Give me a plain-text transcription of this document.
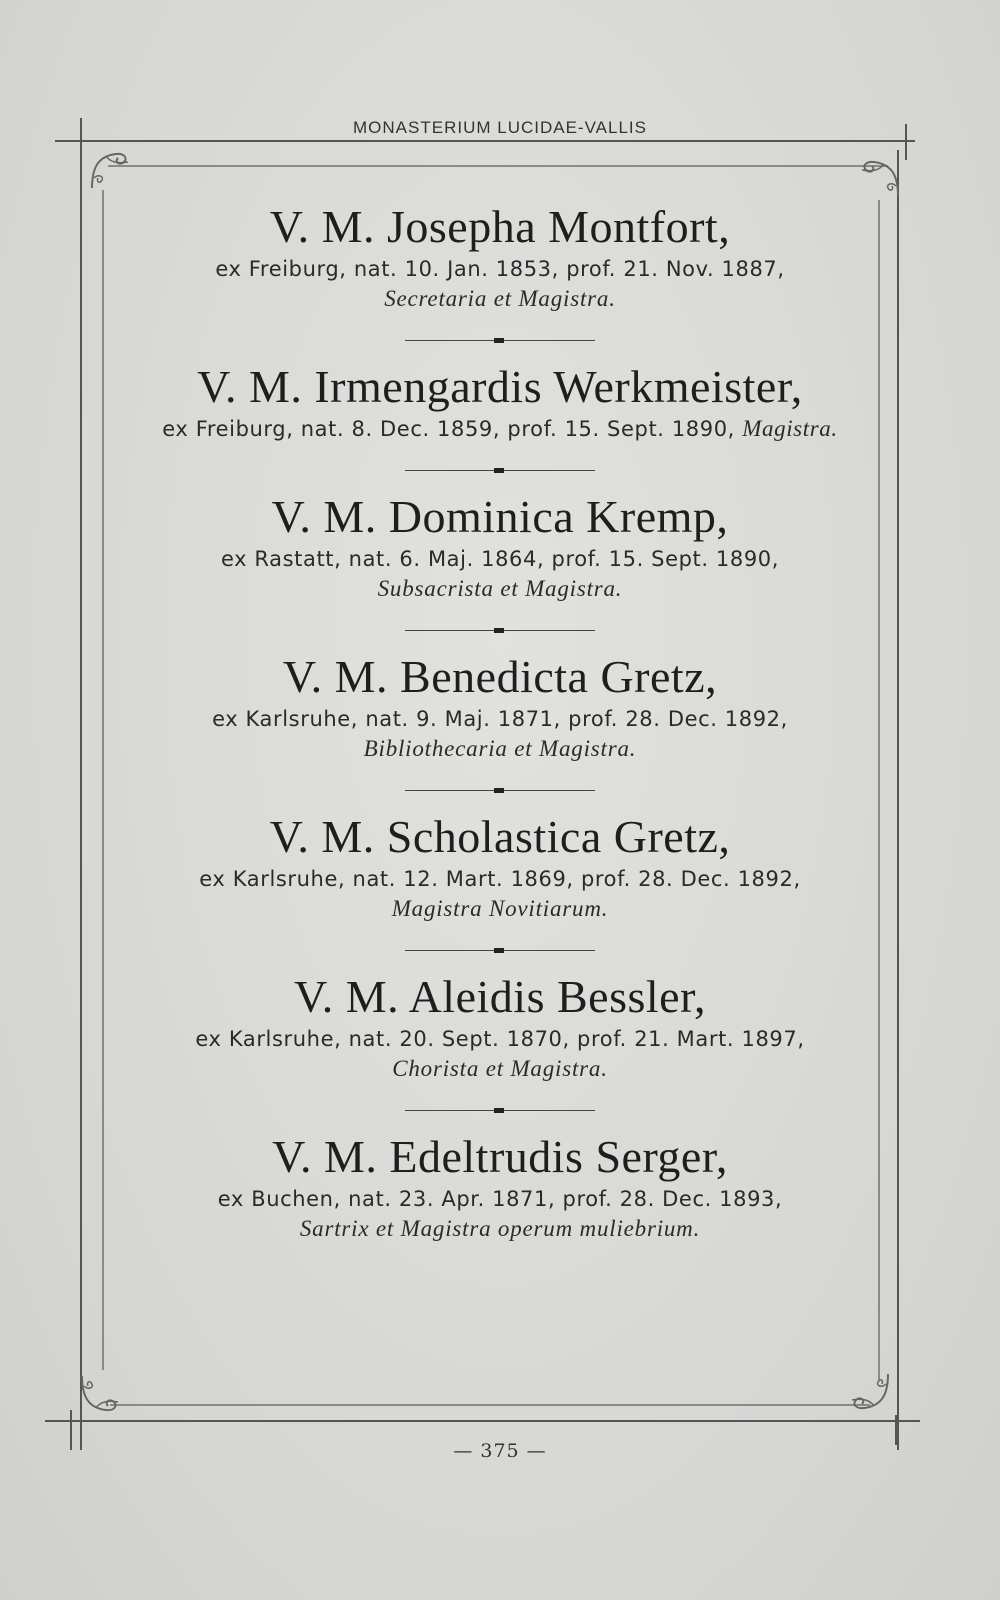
MONASTERIUM LUCIDAE-VALLIS
V. M. Josepha Montfort,
ex Freiburg, nat. 10. Jan. 1853, prof. 21. Nov. 1887,
Secretaria et Magistra.
V. M. Irmengardis Werkmeister,
ex Freiburg, nat. 8. Dec. 1859, prof. 15. Sept. 1890, Magistra.
V. M. Dominica Kremp,
ex Rastatt, nat. 6. Maj. 1864, prof. 15. Sept. 1890,
Subsacrista et Magistra.
V. M. Benedicta Gretz,
ex Karlsruhe, nat. 9. Maj. 1871, prof. 28. Dec. 1892,
Bibliothecaria et Magistra.
V. M. Scholastica Gretz,
ex Karlsruhe, nat. 12. Mart. 1869, prof. 28. Dec. 1892,
Magistra Novitiarum.
V. M. Aleidis Bessler,
ex Karlsruhe, nat. 20. Sept. 1870, prof. 21. Mart. 1897,
Chorista et Magistra.
V. M. Edeltrudis Serger,
ex Buchen, nat. 23. Apr. 1871, prof. 28. Dec. 1893,
Sartrix et Magistra operum muliebrium.
— 375 —
